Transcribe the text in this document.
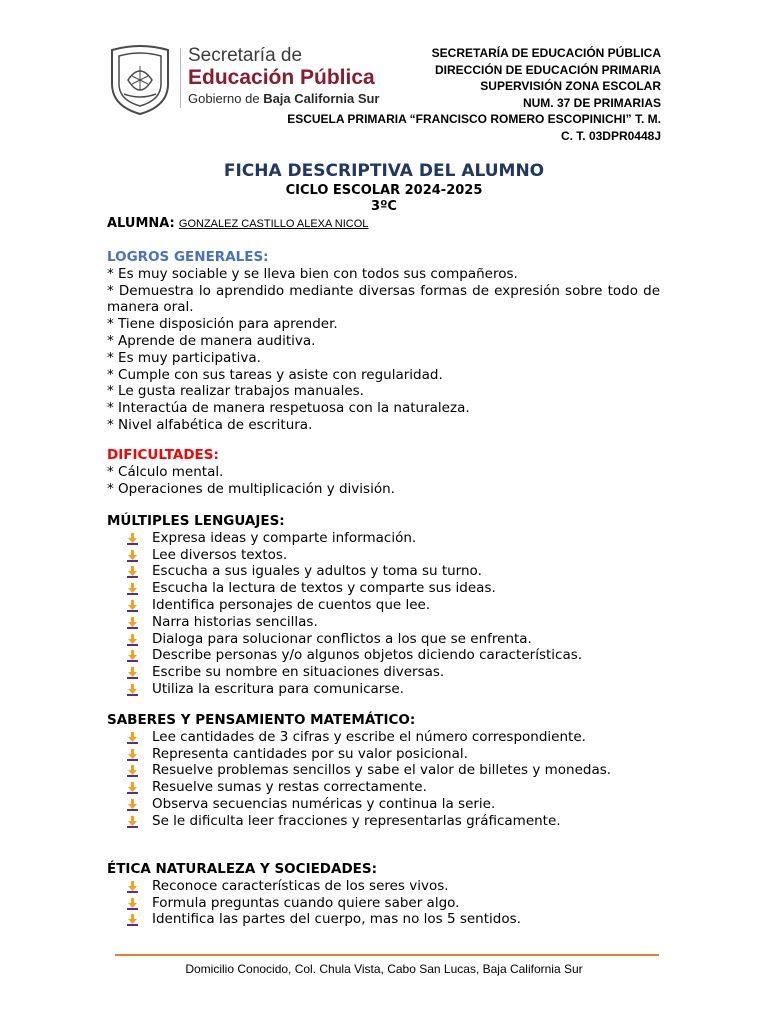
Secretaría de
Educación Pública
Gobierno de Baja California Sur
SECRETARÍA DE EDUCACIÓN PÚBLICA
DIRECCIÓN DE EDUCACIÓN PRIMARIA
SUPERVISIÓN ZONA ESCOLAR
NUM. 37 DE PRIMARIAS
ESCUELA PRIMARIA “FRANCISCO ROMERO ESCOPINICHI” T. M.
C. T. 03DPR0448J
FICHA DESCRIPTIVA DEL ALUMNO
CICLO ESCOLAR 2024-2025
3ºC
ALUMNA: GONZALEZ CASTILLO ALEXA NICOL
LOGROS GENERALES:
* Es muy sociable y se lleva bien con todos sus compañeros.
* Demuestra lo aprendido mediante diversas formas de expresión sobre todo de manera oral.
* Tiene disposición para aprender.
* Aprende de manera auditiva.
* Es muy participativa.
* Cumple con sus tareas y asiste con regularidad.
* Le gusta realizar trabajos manuales.
* Interactúa de manera respetuosa con la naturaleza.
* Nivel alfabética de escritura.
DIFICULTADES:
* Cálculo mental.
* Operaciones de multiplicación y división.
MÚLTIPLES LENGUAJES:
Expresa ideas y comparte información.
Lee diversos textos.
Escucha a sus iguales y adultos y toma su turno.
Escucha la lectura de textos y comparte sus ideas.
Identifica personajes de cuentos que lee.
Narra historias sencillas.
Dialoga para solucionar conflictos a los que se enfrenta.
Describe personas y/o algunos objetos diciendo características.
Escribe su nombre en situaciones diversas.
Utiliza la escritura para comunicarse.
SABERES Y PENSAMIENTO MATEMÁTICO:
Lee cantidades de 3 cifras y escribe el número correspondiente.
Representa cantidades por su valor posicional.
Resuelve problemas sencillos y sabe el valor de billetes y monedas.
Resuelve sumas y restas correctamente.
Observa secuencias numéricas y continua la serie.
Se le dificulta leer fracciones y representarlas gráficamente.
ÉTICA NATURALEZA Y SOCIEDADES:
Reconoce características de los seres vivos.
Formula preguntas cuando quiere saber algo.
Identifica las partes del cuerpo, mas no los 5 sentidos.
Domicilio Conocido, Col. Chula Vista, Cabo San Lucas, Baja California Sur
